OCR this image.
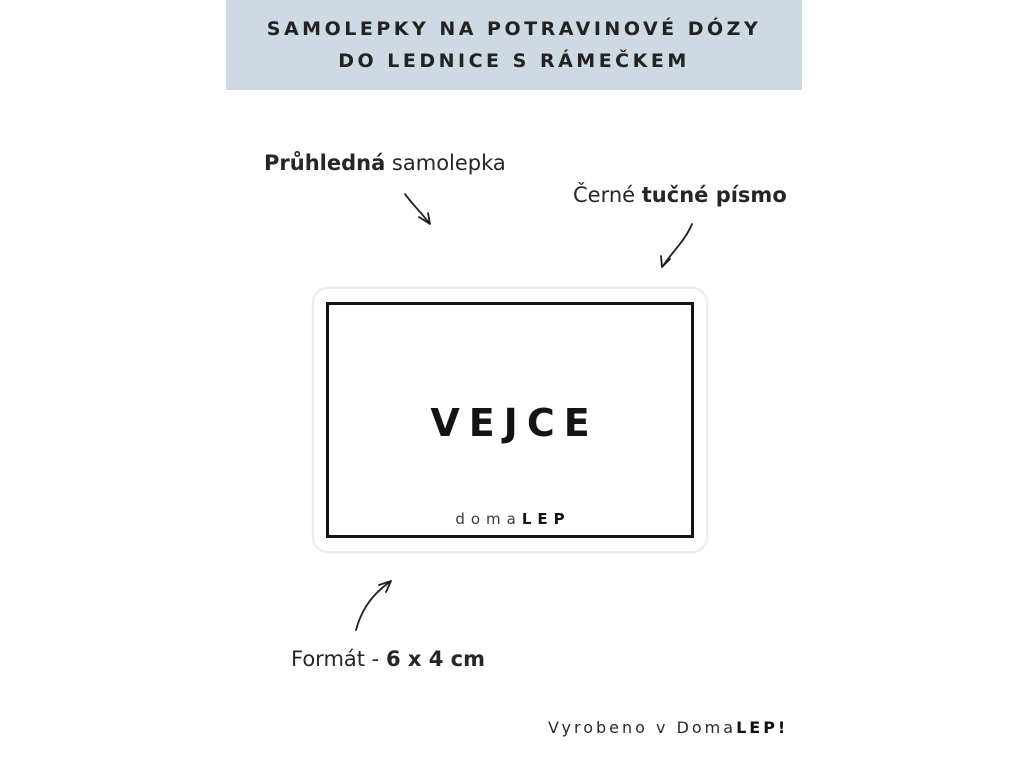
SAMOLEPKY NA POTRAVINOVÉ DÓZY
DO LEDNICE S RÁMEČKEM
Průhledná samolepka
Černé tučné písmo
Formát - 6 x 4 cm
VEJCE
domaLEP
Vyrobeno v DomaLEP!
